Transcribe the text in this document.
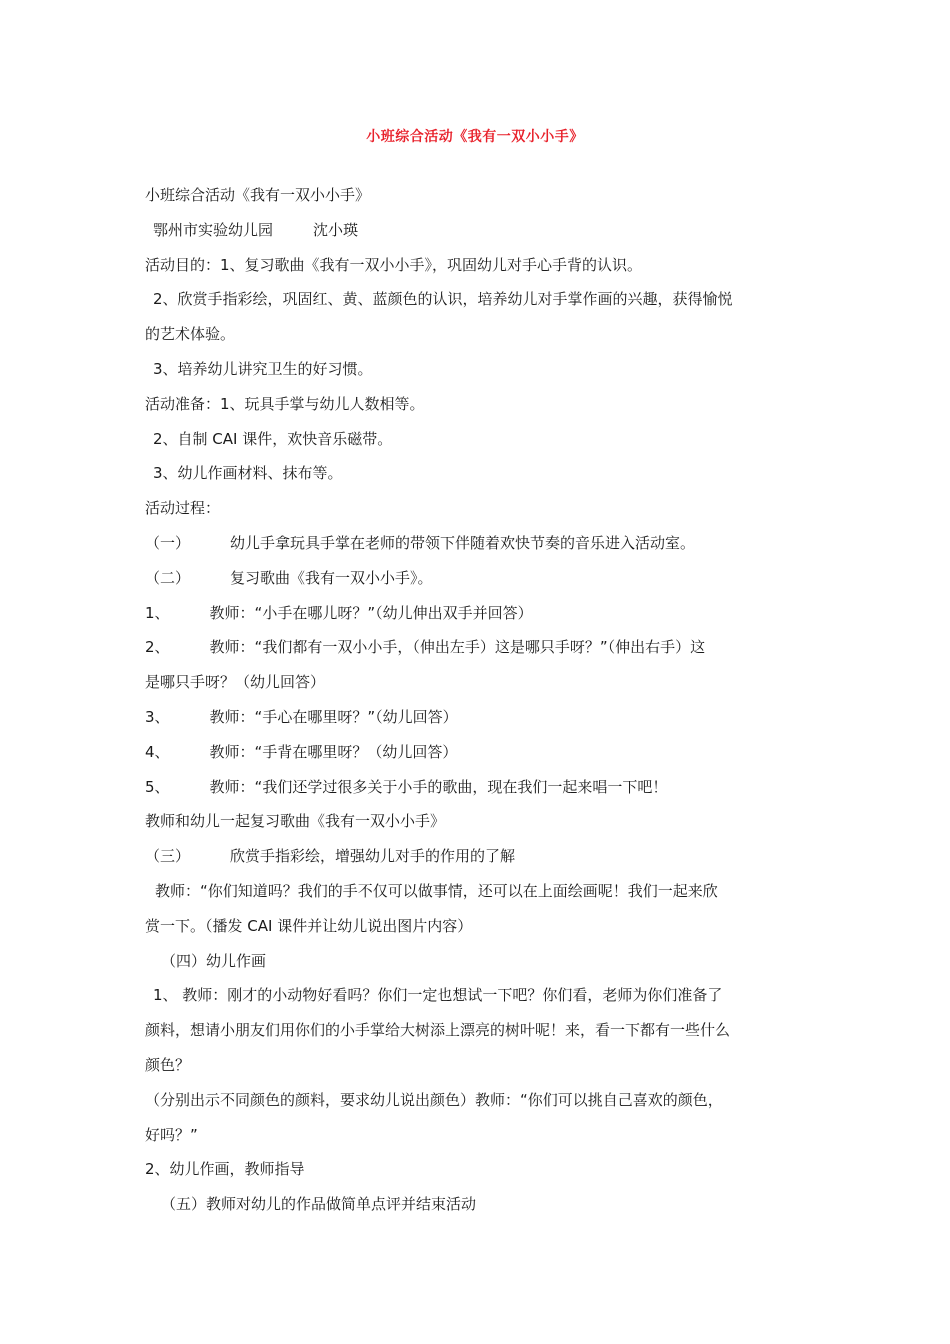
小班综合活动《我有一双小小手》
小班综合活动《我有一双小小手》
鄂州市实验幼儿园	沈小瑛
活动目的：1、复习歌曲《我有一双小小手》，巩固幼儿对手心手背的认识。
2、欣赏手指彩绘，巩固红、黄、蓝颜色的认识，培养幼儿对手掌作画的兴趣，获得愉悦
的艺术体验。
3、培养幼儿讲究卫生的好习惯。
活动准备：1、玩具手掌与幼儿人数相等。
2、自制 CAI 课件，欢快音乐磁带。
3、幼儿作画材料、抹布等。
活动过程：
（一）	幼儿手拿玩具手掌在老师的带领下伴随着欢快节奏的音乐进入活动室。
（二）	复习歌曲《我有一双小小手》。
1、	教师：“小手在哪儿呀？”（幼儿伸出双手并回答）
2、	教师：“我们都有一双小小手，（伸出左手）这是哪只手呀？”（伸出右手）这
是哪只手呀？（幼儿回答）
3、	教师：“手心在哪里呀？”（幼儿回答）
4、	教师：“手背在哪里呀？（幼儿回答）
5、	教师：“我们还学过很多关于小手的歌曲，现在我们一起来唱一下吧！
教师和幼儿一起复习歌曲《我有一双小小手》
（三）	欣赏手指彩绘，增强幼儿对手的作用的了解
教师：“你们知道吗？我们的手不仅可以做事情，还可以在上面绘画呢！我们一起来欣
赏一下。（播发 CAI 课件并让幼儿说出图片内容）
（四）幼儿作画
1、 教师：刚才的小动物好看吗？你们一定也想试一下吧？你们看，老师为你们准备了
颜料，想请小朋友们用你们的小手掌给大树添上漂亮的树叶呢！来，看一下都有一些什么
颜色？
（分别出示不同颜色的颜料，要求幼儿说出颜色）教师：“你们可以挑自己喜欢的颜色，
好吗？”
2、幼儿作画，教师指导
（五）教师对幼儿的作品做简单点评并结束活动
